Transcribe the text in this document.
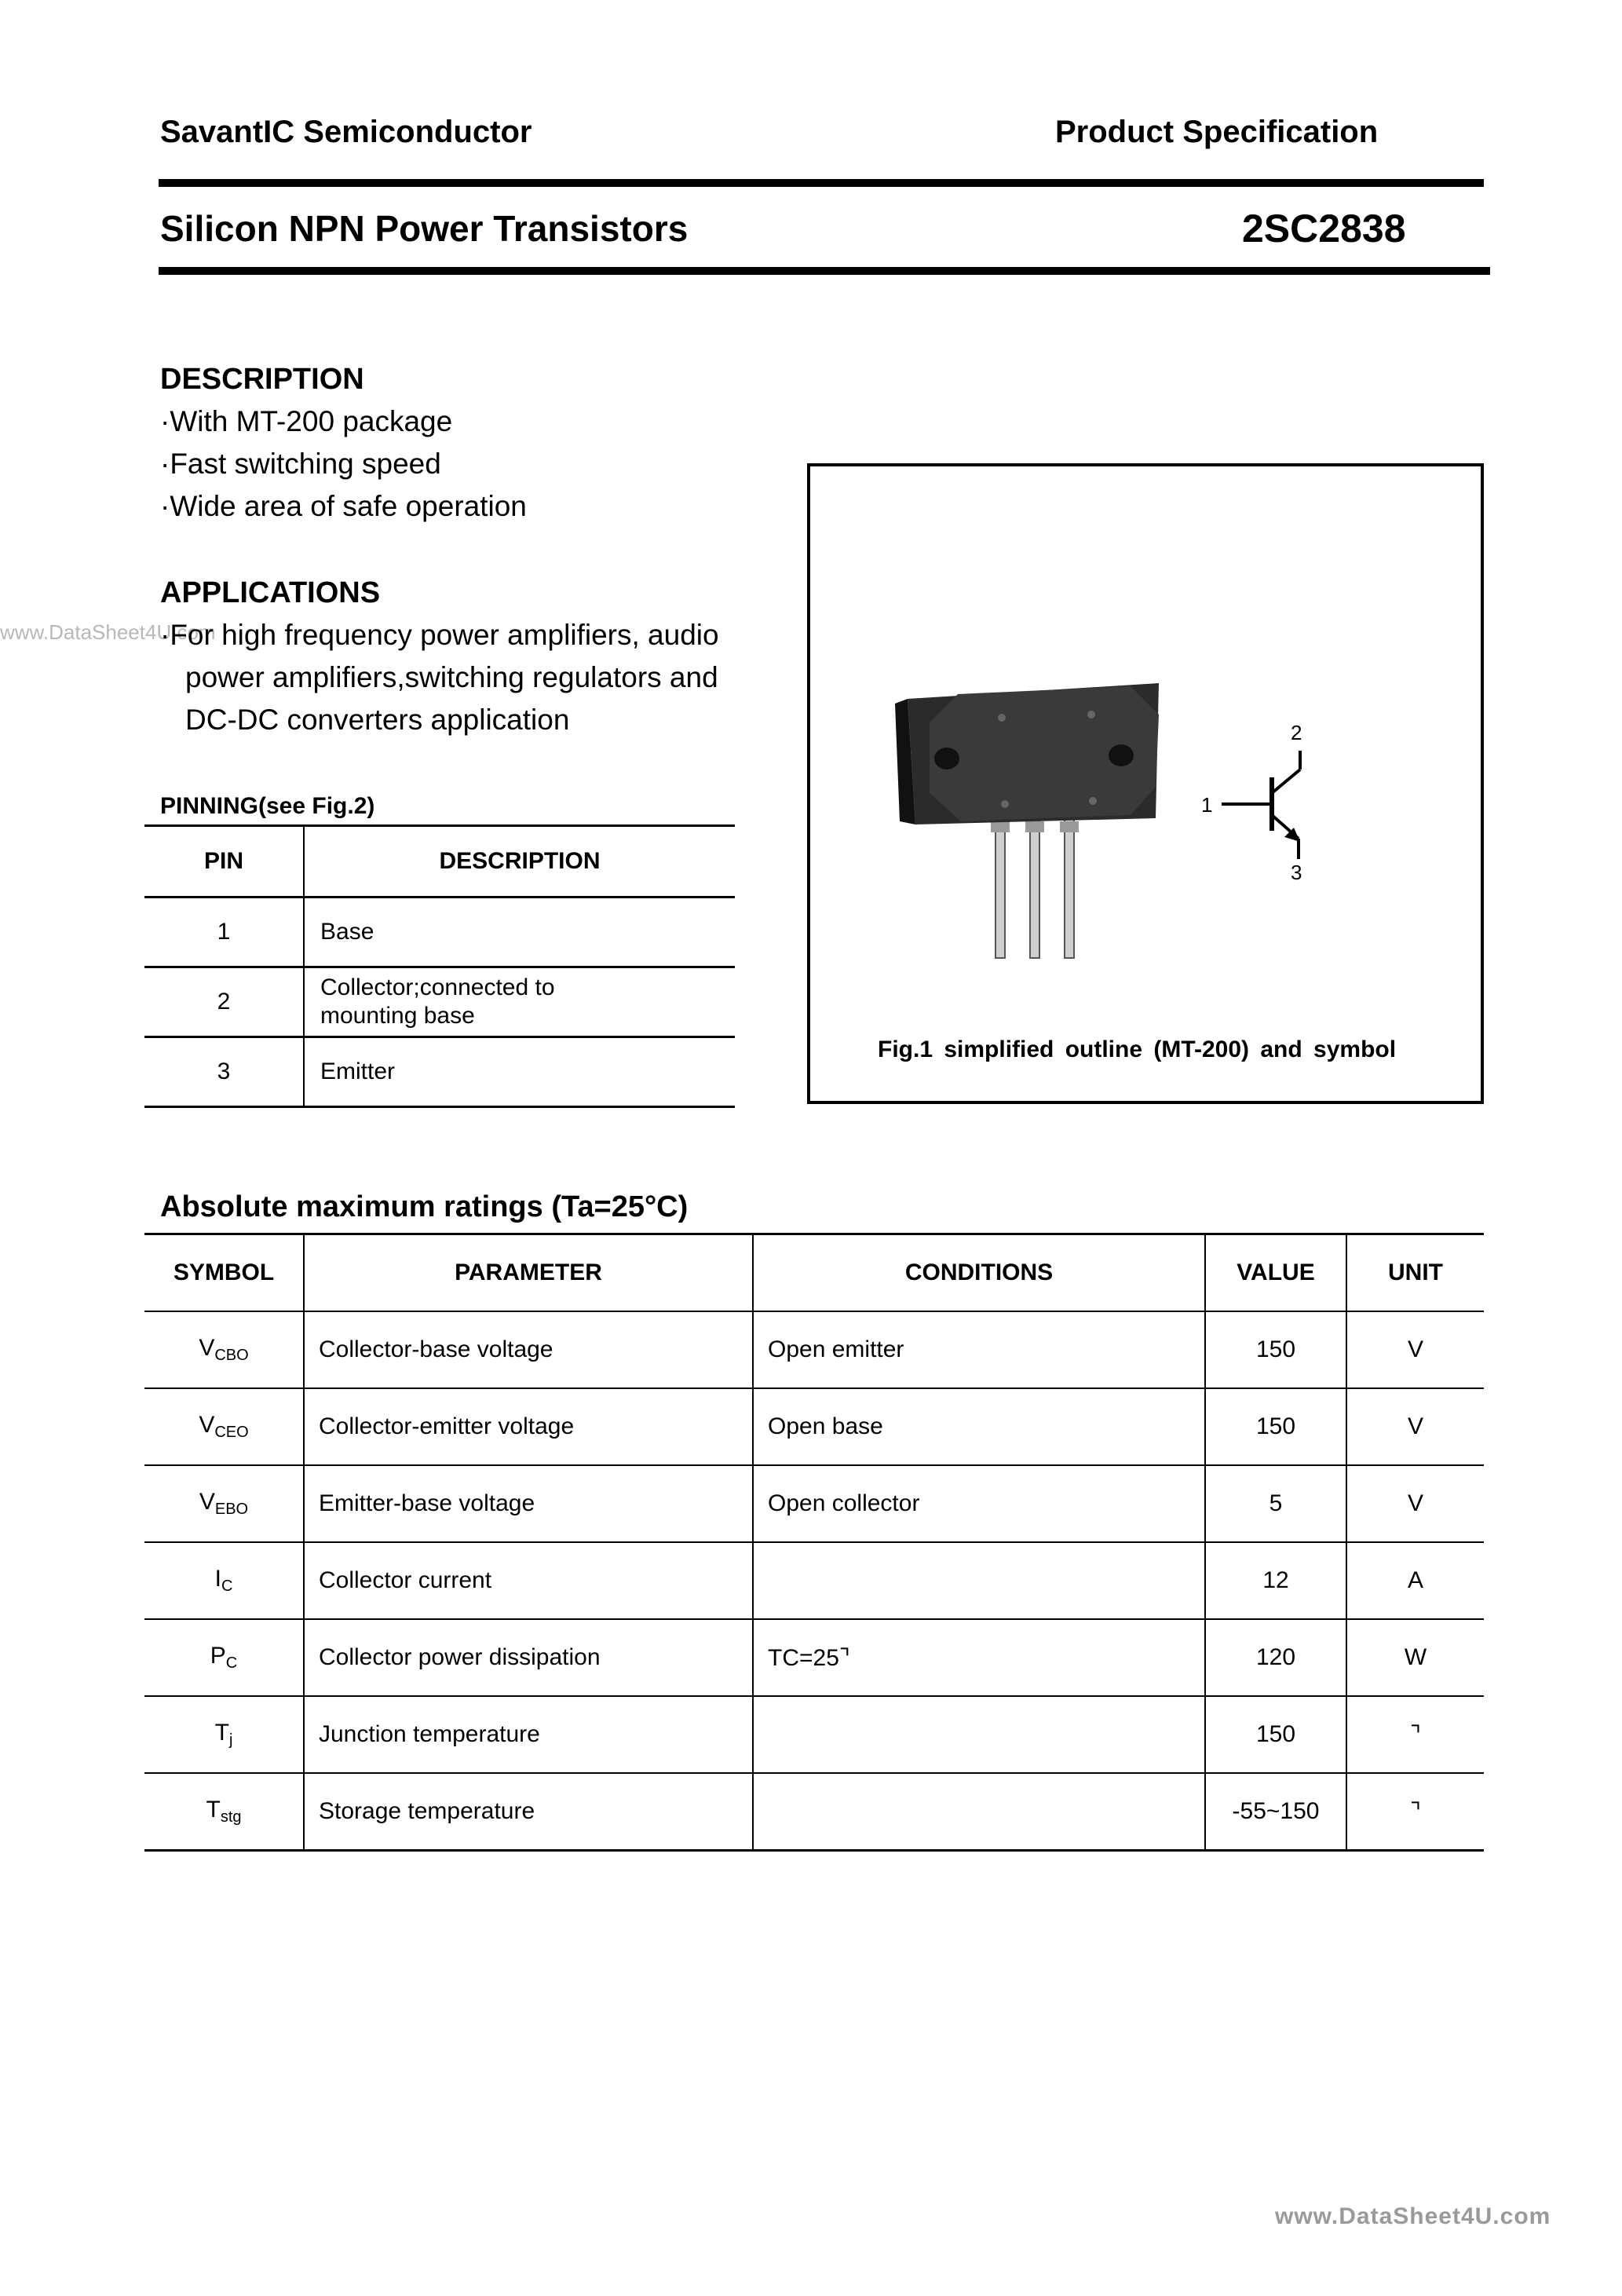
SavantIC Semiconductor	Product Specification
Silicon NPN Power Transistors	2SC2838
DESCRIPTION
·With MT-200 package
·Fast switching speed
·Wide area of safe operation
APPLICATIONS
www.DataSheet4U.com
·For high frequency power amplifiers, audio
power amplifiers,switching regulators and
DC-DC converters application
PINNING(see Fig.2)
PIN	DESCRIPTION
1	Base
2	Collector;connected to mounting base

3	Emitter
2
1
3
Fig.1 simplified outline (MT-200) and symbol
Absolute maximum ratings (Ta=25°C)
SYMBOL	PARAMETER	CONDITIONS	VALUE	UNIT
$V_{CBO}$	Collector-base voltage	Open emitter	150	V
$V_{CEO}$	Collector-emitter voltage	Open base	150	V
$V_{EBO}$	Emitter-base voltage	Open collector	5	V
$I_C$	Collector current		12	A
$P_C$	Collector power dissipation	TC=25⌝	120	W
$T_j$	Junction temperature		150	⌝
$T_{stg}$	Storage temperature		-55~150	⌝
www.DataSheet4U.com
